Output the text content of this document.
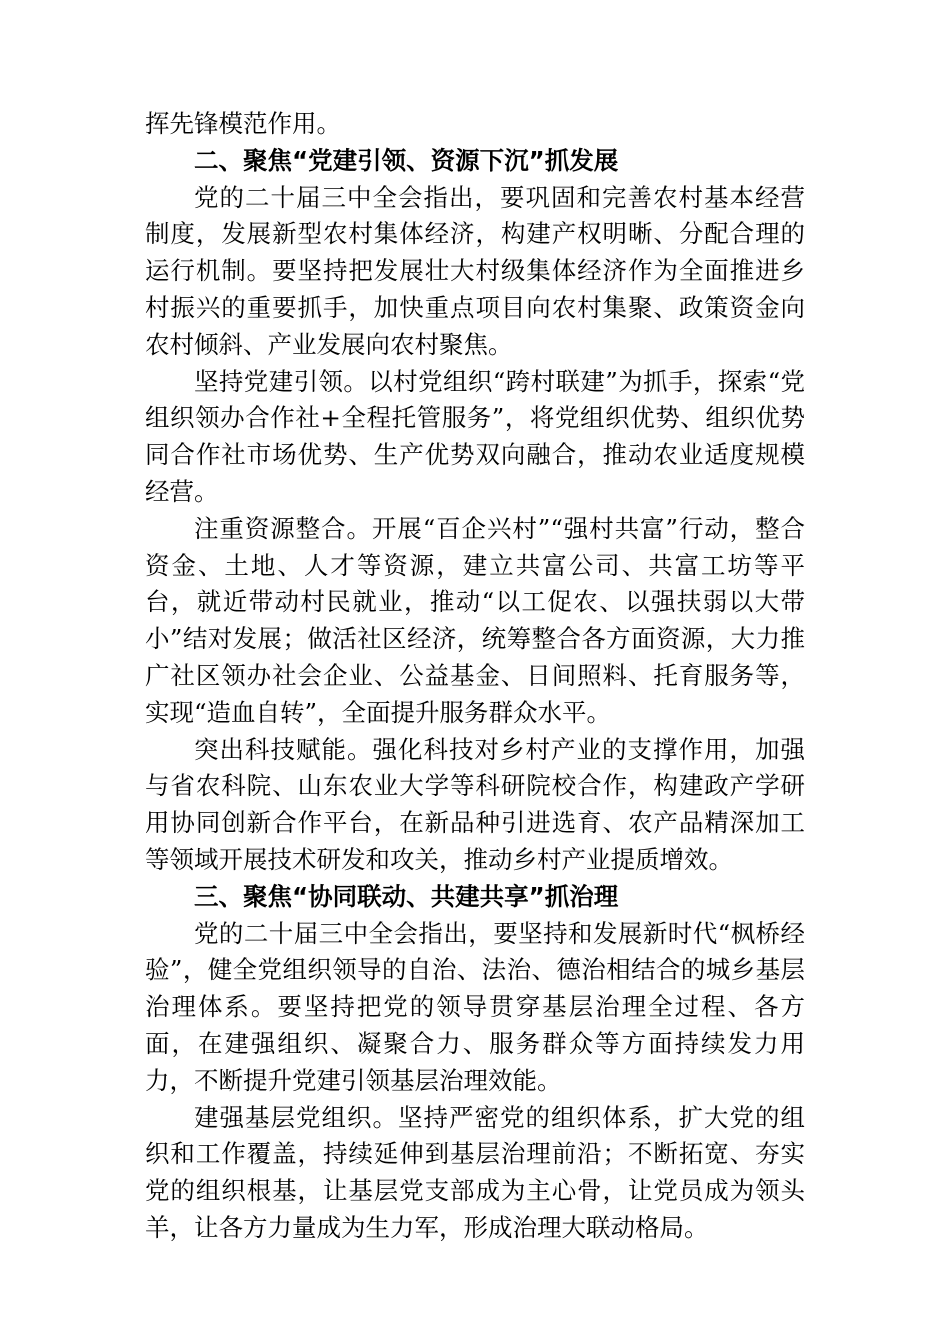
挥先锋模范作用。

二、聚焦“党建引领、资源下沉”抓发展

党的二十届三中全会指出，要巩固和完善农村基本经营制度，发展新型农村集体经济，构建产权明晰、分配合理的运行机制。要坚持把发展壮大村级集体经济作为全面推进乡村振兴的重要抓手，加快重点项目向农村集聚、政策资金向农村倾斜、产业发展向农村聚焦。

坚持党建引领。以村党组织“跨村联建”为抓手，探索“党组织领办合作社+全程托管服务”，将党组织优势、组织优势同合作社市场优势、生产优势双向融合，推动农业适度规模经营。

注重资源整合。开展“百企兴村”“强村共富”行动，整合资金、土地、人才等资源，建立共富公司、共富工坊等平台，就近带动村民就业，推动“以工促农、以强扶弱以大带小”结对发展；做活社区经济，统筹整合各方面资源，大力推广社区领办社会企业、公益基金、日间照料、托育服务等，实现“造血自转”，全面提升服务群众水平。

突出科技赋能。强化科技对乡村产业的支撑作用，加强与省农科院、山东农业大学等科研院校合作，构建政产学研用协同创新合作平台，在新品种引进选育、农产品精深加工等领域开展技术研发和攻关，推动乡村产业提质增效。

三、聚焦“协同联动、共建共享”抓治理

党的二十届三中全会指出，要坚持和发展新时代“枫桥经验”，健全党组织领导的自治、法治、德治相结合的城乡基层治理体系。要坚持把党的领导贯穿基层治理全过程、各方面，在建强组织、凝聚合力、服务群众等方面持续发力用力，不断提升党建引领基层治理效能。

建强基层党组织。坚持严密党的组织体系，扩大党的组织和工作覆盖，持续延伸到基层治理前沿；不断拓宽、夯实党的组织根基，让基层党支部成为主心骨，让党员成为领头羊，让各方力量成为生力军，形成治理大联动格局。
